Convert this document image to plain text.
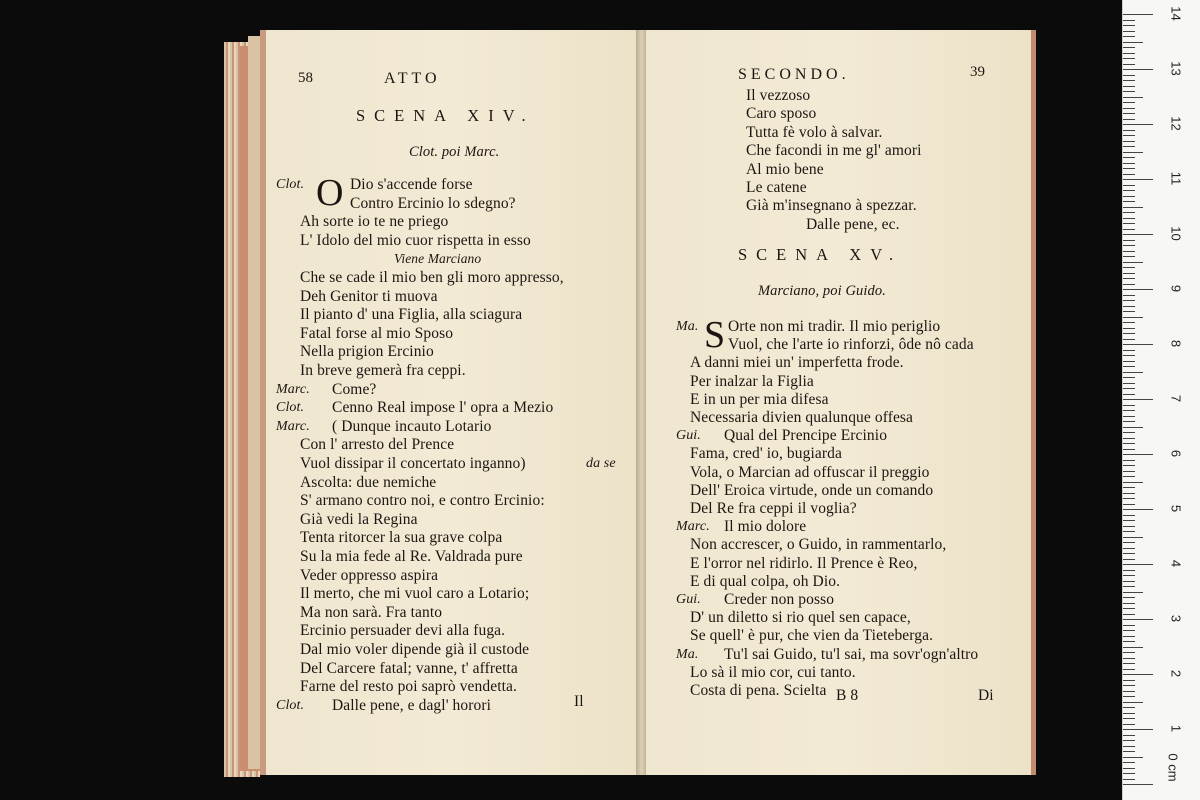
58	ATTO
SCENA XIV.
Clot. poi Marc.
Clot.	Dio s'accende forse
O Contro Ercinio lo sdegno?
Ah sorte io te ne priego
L' Idolo del mio cuor rispetta in esso
Viene Marciano
Che se cade il mio ben gli moro appresso,
Deh Genitor ti muova
Il pianto d' una Figlia, alla sciagura
Fatal forse al mio Sposo
Nella prigion Ercinio
In breve gemerà fra ceppi.
Marc. Come?
Clot. Cenno Real impose l' opra a Mezio
Marc. ( Dunque incauto Lotario
Con l' arresto del Prence
Vuol dissipar il concertato inganno)	da se
Ascolta: due nemiche
S' armano contro noi, e contro Ercinio:
Già vedi la Regina
Tenta ritorcer la sua grave colpa
Su la mia fede al Re. Valdrada pure
Veder oppresso aspira
Il merto, che mi vuol caro a Lotario;
Ma non sarà. Fra tanto
Ercinio persuader devi alla fuga.
Dal mio voler dipende già il custode
Del Carcere fatal; vanne, t' affretta
Farne del resto poi saprò vendetta.
Clot. Dalle pene, e dagl' horori	Il
SECONDO.	39
Il vezzoso
Caro sposo
Tutta fè volo à salvar.
Che facondi in me gl' amori
Al mio bene
Le catene
Già m'insegnano à spezzar.
Dalle pene, ec.
SCENA XV.
Marciano, poi Guido.
Ma. Orte non mi tradir. Il mio periglio
S Vuol, che l'arte io rinforzi, ôde nô cada
A danni miei un' imperfetta frode.
Per inalzar la Figlia
E in un per mia difesa
Necessaria divien qualunque offesa
Gui. Qual del Prencipe Ercinio
Fama, cred' io, bugiarda
Vola, o Marcian ad offuscar il preggio
Dell' Eroica virtude, onde un comando
Del Re fra ceppi il voglia?
Marc. Il mio dolore
Non accrescer, o Guido, in rammentarlo,
E l'orror nel ridirlo. Il Prence è Reo,
E di qual colpa, oh Dio.
Gui. Creder non posso
D' un diletto si rio quel sen capace,
Se quell' è pur, che vien da Tieteberga.
Ma. Tu'l sai Guido, tu'l sai, ma sovr'ogn'altro
Lo sà il mio cor, cui tanto.
Costa di pena. Scielta B 8	Di
14
13
12
11
10
9
8
7
6
5
4
3
2
1
0 cm
